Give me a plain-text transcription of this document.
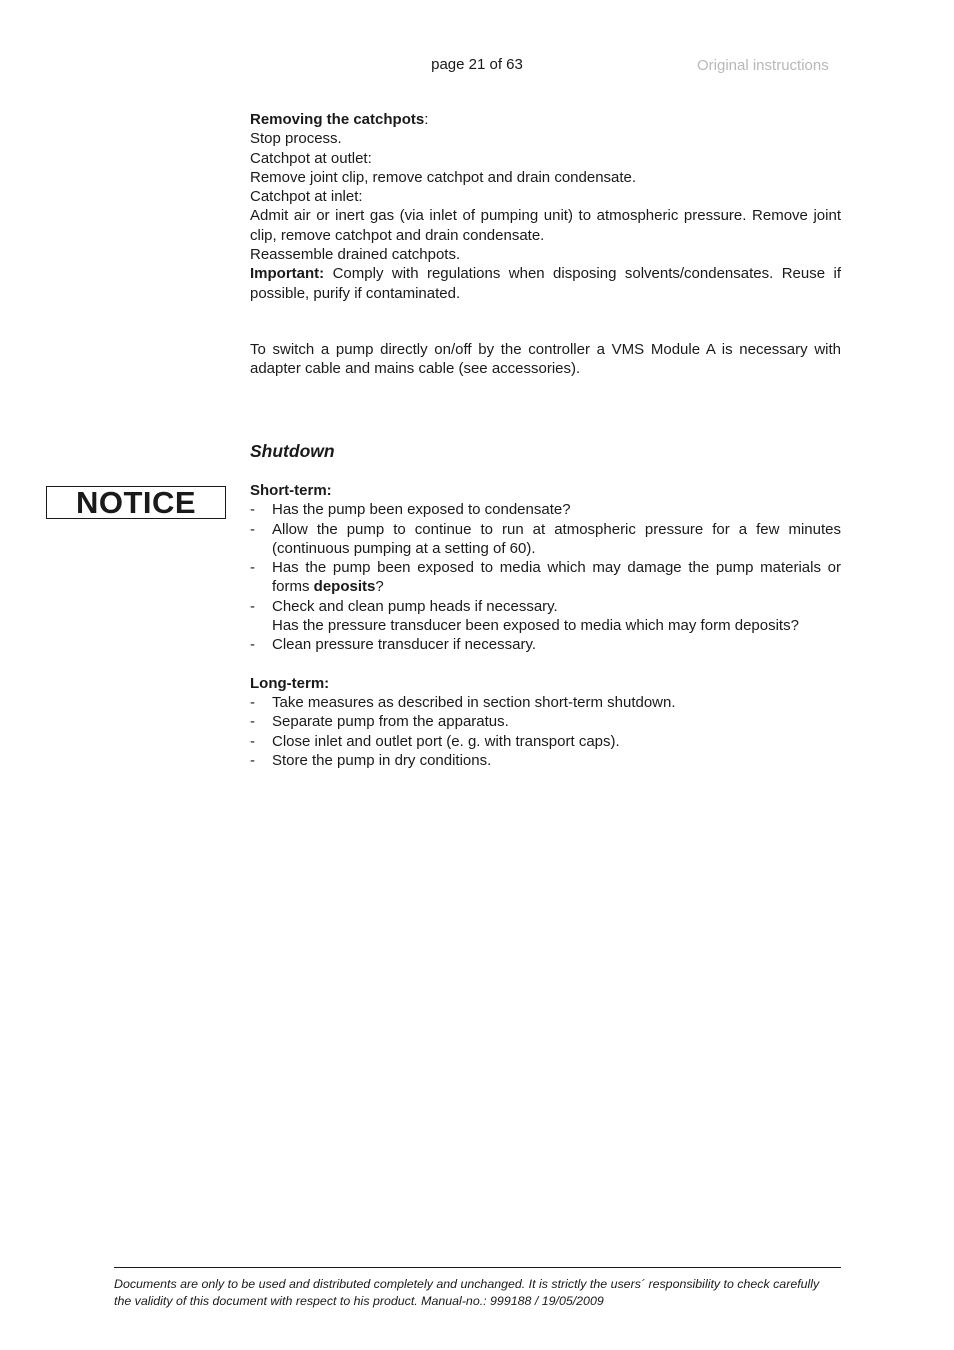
page 21 of 63	Original instructions

Removing the catchpots:

Stop process.

Catchpot at outlet:

Remove joint clip, remove catchpot and drain condensate.

Catchpot at inlet:

Admit air or inert gas (via inlet of pumping unit) to atmospheric pressure. Remove joint clip, remove catchpot and drain condensate.

Reassemble drained catchpots.

Important: Comply with regulations when disposing solvents/condensates. Reuse if possible, purify if contaminated.

To switch a pump directly on/off by the controller a VMS Module A is necessary with adapter cable and mains cable (see accessories).

Shutdown
NOTICE	Short-term:

- Has the pump been exposed to condensate?
- Allow the pump to continue to run at atmospheric pressure for a few minutes (continuous pumping at a setting of 60).
- Has the pump been exposed to media which may damage the pump materials or forms deposits?
- Check and clean pump heads if necessary.
Has the pressure transducer been exposed to media which may form deposits?
- Clean pressure transducer if necessary.

Long-term:

- Take measures as described in section short-term shutdown.
- Separate pump from the apparatus.
- Close inlet and outlet port (e. g. with transport caps).
- Store the pump in dry conditions.
Documents are only to be used and distributed completely and unchanged. It is strictly the users´ responsibility to check carefully
the validity of this document with respect to his product. Manual-no.: 999188 / 19/05/2009
